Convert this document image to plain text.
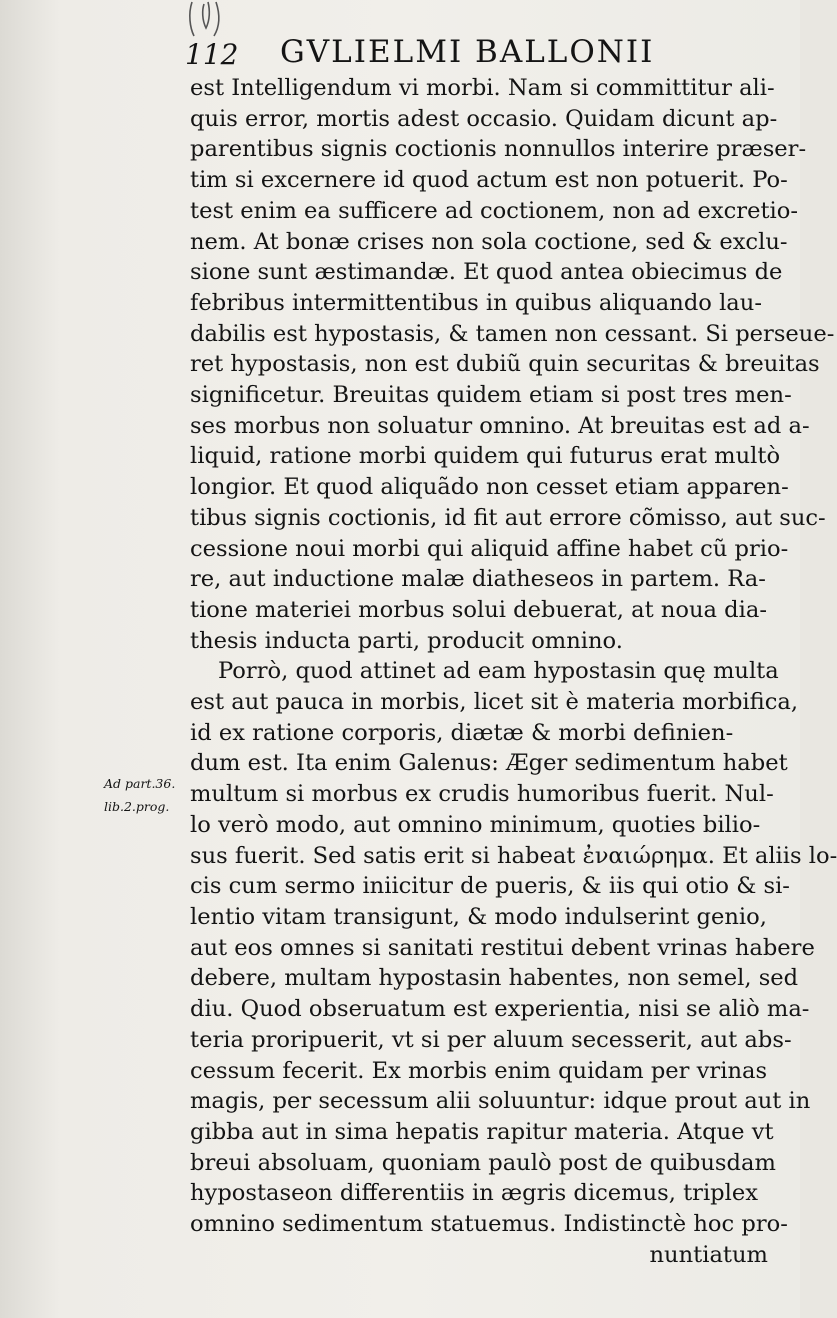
112 GVLIELMI BALLONII
Ad part.36.
lib.2.prog.
est Intelligendum vi morbi. Nam si committitur ali-
quis error, mortis adest occasio. Quidam dicunt ap-
parentibus signis coctionis nonnullos interire præser-
tim si excernere id quod actum est non potuerit. Po-
test enim ea sufficere ad coctionem, non ad excretio-
nem. At bonæ crises non sola coctione, sed & exclu-
sione sunt æstimandæ. Et quod antea obiecimus de
febribus intermittentibus in quibus aliquando lau-
dabilis est hypostasis, & tamen non cessant. Si perseue-
ret hypostasis, non est dubiũ quin securitas & breuitas
significetur. Breuitas quidem etiam si post tres men-
ses morbus non soluatur omnino. At breuitas est ad a-
liquid, ratione morbi quidem qui futurus erat multò
longior. Et quod aliquãdo non cesset etiam apparen-
tibus signis coctionis, id fit aut errore cõmisso, aut suc-
cessione noui morbi qui aliquid affine habet cũ prio-
re, aut inductione malæ diatheseos in partem. Ra-
tione materiei morbus solui debuerat, at noua dia-
thesis inducta parti, producit omnino.
Porrò, quod attinet ad eam hypostasin quę multa
est aut pauca in morbis, licet sit è materia morbifica,
id ex ratione corporis, diætæ & morbi definien-
dum est. Ita enim Galenus: Æger sedimentum habet
multum si morbus ex crudis humoribus fuerit. Nul-
lo verò modo, aut omnino minimum, quoties bilio-
sus fuerit. Sed satis erit si habeat ἐναιώρημα. Et aliis lo-
cis cum sermo iniicitur de pueris, & iis qui otio & si-
lentio vitam transigunt, & modo indulserint genio,
aut eos omnes si sanitati restitui debent vrinas habere
debere, multam hypostasin habentes, non semel, sed
diu. Quod obseruatum est experientia, nisi se aliò ma-
teria proripuerit, vt si per aluum secesserit, aut abs-
cessum fecerit. Ex morbis enim quidam per vrinas
magis, per secessum alii soluuntur: idque prout aut in
gibba aut in sima hepatis rapitur materia. Atque vt
breui absoluam, quoniam paulò post de quibusdam
hypostaseon differentiis in ægris dicemus, triplex
omnino sedimentum statuemus. Indistinctè hoc pro-
nuntiatum
